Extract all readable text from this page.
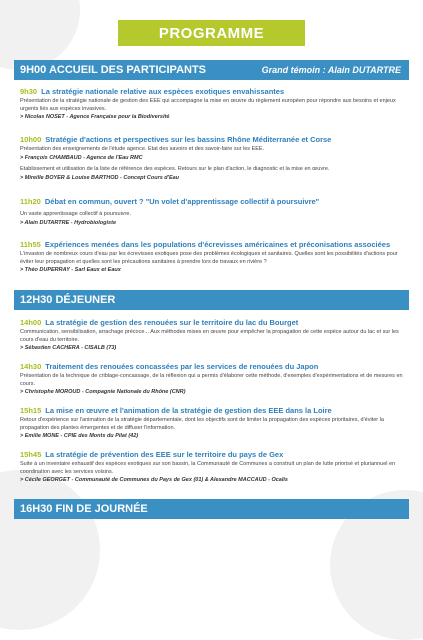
PROGRAMME
9H00 ACCUEIL DES PARTICIPANTS	Grand témoin : Alain DUTARTRE
9h30 La stratégie nationale relative aux espèces exotiques envahissantes
Présentation de la stratégie nationale de gestion des EEE qui accompagne la mise en œuvre du règlement européen pour répondre aux besoins et enjeux urgents liés aux espèces invasives.
> Nicolas NOSET - Agence Française pour la Biodiversité
10h00 Stratégie d'actions et perspectives sur les bassins Rhône Méditerranée et Corse
Présentation des enseignements de l'étude agence. Etat des savoirs et des savoir-faire sur les EEE.
> François CHAMBAUD - Agence de l'Eau RMC
Etablissement et utilisation de la liste de référence des espèces. Retours sur le plan d'action, le diagnostic et la mise en œuvre.
> Mireille BOYER & Louise BARTHOD - Concept Cours d'Eau
11h20 Débat en commun, ouvert ? "Un volet d'apprentissage collectif à poursuivre"
Un vaste apprentissage collectif à poursuivre.
> Alain DUTARTRE - Hydrobiologiste
11h55 Expériences menées dans les populations d'écrevisses américaines et préconisations associées
L'invasion de nombreux cours d'eau par les écrevisses exotiques pose des problèmes écologiques et sanitaires. Quelles sont les possibilités d'actions pour éviter leur propagation et quelles sont les précautions sanitaires à prendre lors de travaux en rivière ?
> Théo DUPERRAY - Sarl Eaux et Eaux
12H30 DÉJEUNER
14h00 La stratégie de gestion des renouées sur le territoire du lac du Bourget
Communication, sensibilisation, arrachage précoce... Aux méthodes mises en œuvre pour empêcher la propagation de cette espèce autour du lac et sur les cours d'eau du territoire.
> Sébastien CACHERA - CISALB (73)
14h30 Traitement des renouées concassées par les services de renouées du Japon
Présentation de la technique de criblage-concassage, de la réflexion qui a permis d'élaborer cette méthode, d'exemples d'expérimentations et de mesures en cours.
> Christophe MOROUD - Compagnie Nationale du Rhône (CNR)
15h15 La mise en œuvre et l'animation de la stratégie de gestion des EEE dans la Loire
Retour d'expérience sur l'animation de la stratégie départementale, dont les objectifs sont de limiter la propagation des espèces prioritaires, d'éviter la propagation des plantes émergentes et de diffuser l'information.
> Emilie MONE - CPIE des Monts du Pilat (42)
15h45 La stratégie de prévention des EEE sur le territoire du pays de Gex
Suite à un inventaire exhaustif des espèces exotiques sur son bassin, la Communauté de Communes a construit un plan de lutte priorisé et pluriannuel en coordination avec les services voisins.
> Cécile GEORGET - Communauté de Communes du Pays de Gex (01) & Alexandre MACCAUD - Ocalis
16H30 FIN DE JOURNÉE
